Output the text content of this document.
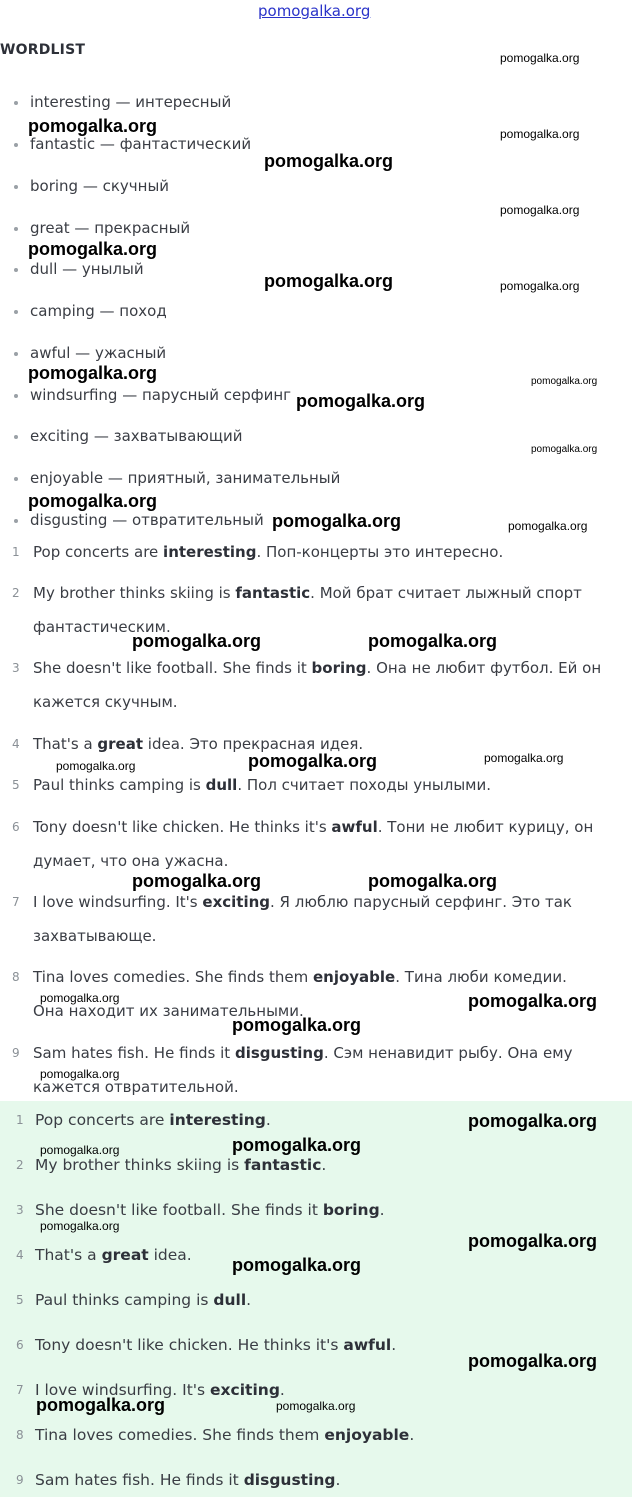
pomogalka.org
WORDLIST
interesting — интересный
fantastic — фантастический
boring — скучный
great — прекрасный
dull — унылый
camping — поход
awful — ужасный
windsurfing — парусный серфинг
exciting — захватывающий
enjoyable — приятный, занимательный
disgusting — отвратительный
1 Pop concerts are interesting. Поп-концерты это интересно.
2 My brother thinks skiing is fantastic. Мой брат считает лыжный спорт фантастическим.
3 She doesn't like football. She finds it boring. Она не любит футбол. Ей он кажется скучным.
4 That's a great idea. Это прекрасная идея.
5 Paul thinks camping is dull. Пол считает походы унылыми.
6 Tony doesn't like chicken. He thinks it's awful. Тони не любит курицу, он думает, что она ужасна.
7 I love windsurfing. It's exciting. Я люблю парусный серфинг. Это так захватывающе.
8 Tina loves comedies. She finds them enjoyable. Тина люби комедии. Она находит их занимательными.
9 Sam hates fish. He finds it disgusting. Сэм ненавидит рыбу. Она ему кажется отвратительной.
1 Pop concerts are interesting.
2 My brother thinks skiing is fantastic.
3 She doesn't like football. She finds it boring.
4 That's a great idea.
5 Paul thinks camping is dull.
6 Tony doesn't like chicken. He thinks it's awful.
7 I love windsurfing. It's exciting.
8 Tina loves comedies. She finds them enjoyable.
9 Sam hates fish. He finds it disgusting.
pomogalka.org
pomogalka.org	pomogalka.org
pomogalka.org
pomogalka.org
pomogalka.org
pomogalka.org	pomogalka.org
pomogalka.org	pomogalka.org
pomogalka.org
pomogalka.org
pomogalka.org
pomogalka.org	pomogalka.org
pomogalka.org	pomogalka.org
pomogalka.org
pomogalka.org
pomogalka.org
pomogalka.org	pomogalka.org
pomogalka.org	pomogalka.org
pomogalka.org
pomogalka.org
pomogalka.org
pomogalka.org
pomogalka.org
pomogalka.org
pomogalka.org
pomogalka.org
pomogalka.org
pomogalka.org	pomogalka.org
